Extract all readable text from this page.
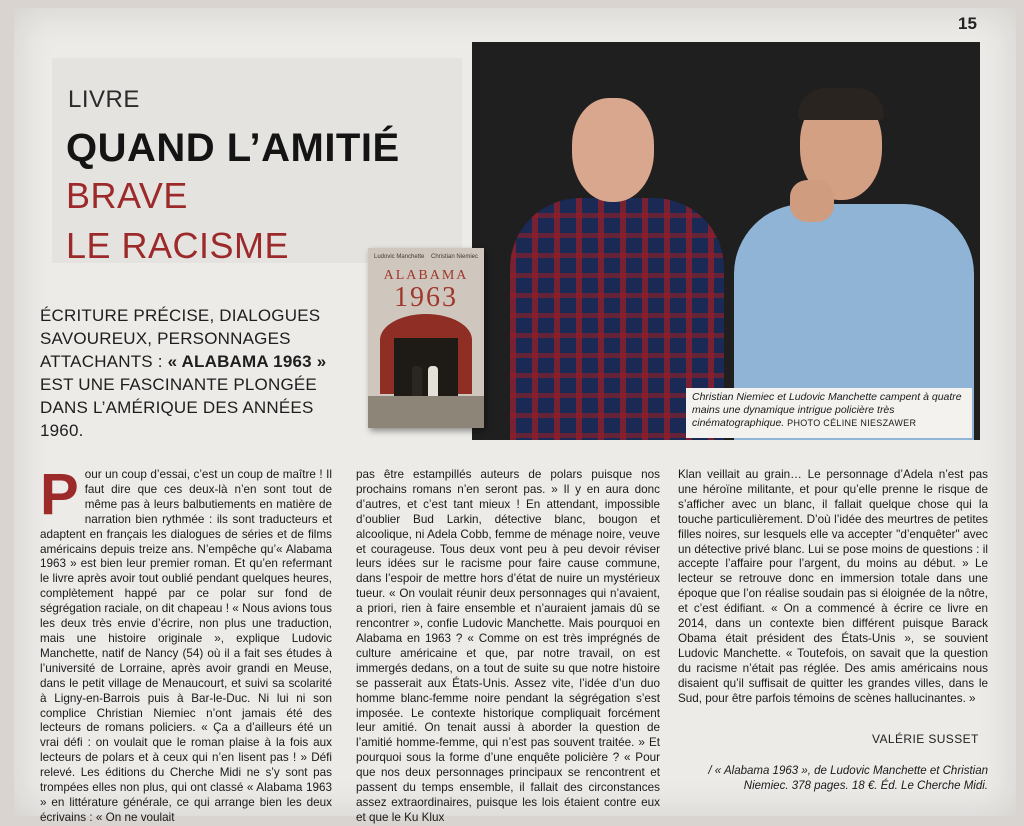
15
LIVRE
QUAND L’AMITIÉ
BRAVE
LE RACISME	Ludovic Manchette Christian Niemiec
ALABAMA
1963
Christian Niemiec et Ludovic Manchette campent à quatre mains une dynamique intrigue policière très cinématographique. PHOTO CÉLINE NIESZAWER
ÉCRITURE PRÉCISE, DIALOGUES SAVOUREUX, PERSONNAGES ATTACHANTS : « ALABAMA 1963 » EST UNE FASCINANTE PLONGÉE DANS L’AMÉRIQUE DES ANNÉES 1960.
Pour un coup d’essai, c’est un coup de maître ! Il faut dire que ces deux-là n’en sont tout de même pas à leurs balbutiements en matière de narration bien rythmée : ils sont traducteurs et adaptent en français les dialogues de séries et de films américains depuis treize ans. N’empêche qu’« Alabama 1963 » est bien leur premier roman. Et qu’en refermant le livre après avoir tout oublié pendant quelques heures, complètement happé par ce polar sur fond de ségrégation raciale, on dit chapeau ! « Nous avions tous les deux très envie d’écrire, non plus une traduction, mais une histoire originale », explique Ludovic Manchette, natif de Nancy (54) où il a fait ses études à l’université de Lorraine, après avoir grandi en Meuse, dans le petit village de Menaucourt, et suivi sa scolarité à Ligny-en-Barrois puis à Bar-le-Duc. Ni lui ni son complice Christian Niemiec n’ont jamais été des lecteurs de romans policiers. « Ça a d’ailleurs été un vrai défi : on voulait que le roman plaise à la fois aux lecteurs de polars et à ceux qui n’en lisent pas ! » Défi relevé. Les éditions du Cherche Midi ne s’y sont pas trompées elles non plus, qui ont classé « Alabama 1963 » en littérature générale, ce qui arrange bien les deux écrivains : « On ne voulait
pas être estampillés auteurs de polars puisque nos prochains romans n’en seront pas. » Il y en aura donc d’autres, et c’est tant mieux ! En attendant, impossible d’oublier Bud Larkin, détective blanc, bougon et alcoolique, ni Adela Cobb, femme de ménage noire, veuve et courageuse. Tous deux vont peu à peu devoir réviser leurs idées sur le racisme pour faire cause commune, dans l’espoir de mettre hors d’état de nuire un mystérieux tueur. « On voulait réunir deux personnages qui n’avaient, a priori, rien à faire ensemble et n’auraient jamais dû se rencontrer », confie Ludovic Manchette. Mais pourquoi en Alabama en 1963 ? « Comme on est très imprégnés de culture américaine et que, par notre travail, on est immergés dedans, on a tout de suite su que notre histoire se passerait aux États-Unis. Assez vite, l’idée d’un duo homme blanc-femme noire pendant la ségrégation s’est imposée. Le contexte historique compliquait forcément leur amitié. On tenait aussi à aborder la question de l’amitié homme-femme, qui n’est pas souvent traitée. » Et pourquoi sous la forme d’une enquête policière ? « Pour que nos deux personnages principaux se rencontrent et passent du temps ensemble, il fallait des circonstances assez extraordinaires, puisque les lois étaient contre eux et que le Ku Klux
Klan veillait au grain… Le personnage d’Adela n’est pas une héroïne militante, et pour qu’elle prenne le risque de s’afficher avec un blanc, il fallait quelque chose qui la touche particulièrement. D’où l’idée des meurtres de petites filles noires, sur lesquels elle va accepter "d’enquêter" avec un détective privé blanc. Lui se pose moins de questions : il accepte l’affaire pour l’argent, du moins au début. » Le lecteur se retrouve donc en immersion totale dans une époque que l’on réalise soudain pas si éloignée de la nôtre, et c’est édifiant. « On a commencé à écrire ce livre en 2014, dans un contexte bien différent puisque Barack Obama était président des États-Unis », se souvient Ludovic Manchette. « Toutefois, on savait que la question du racisme n’était pas réglée. Des amis américains nous disaient qu’il suffisait de quitter les grandes villes, dans le Sud, pour être parfois témoins de scènes hallucinantes. »
VALÉRIE SUSSET
/ « Alabama 1963 », de Ludovic Manchette et Christian Niemiec. 378 pages. 18 €. Éd. Le Cherche Midi.
